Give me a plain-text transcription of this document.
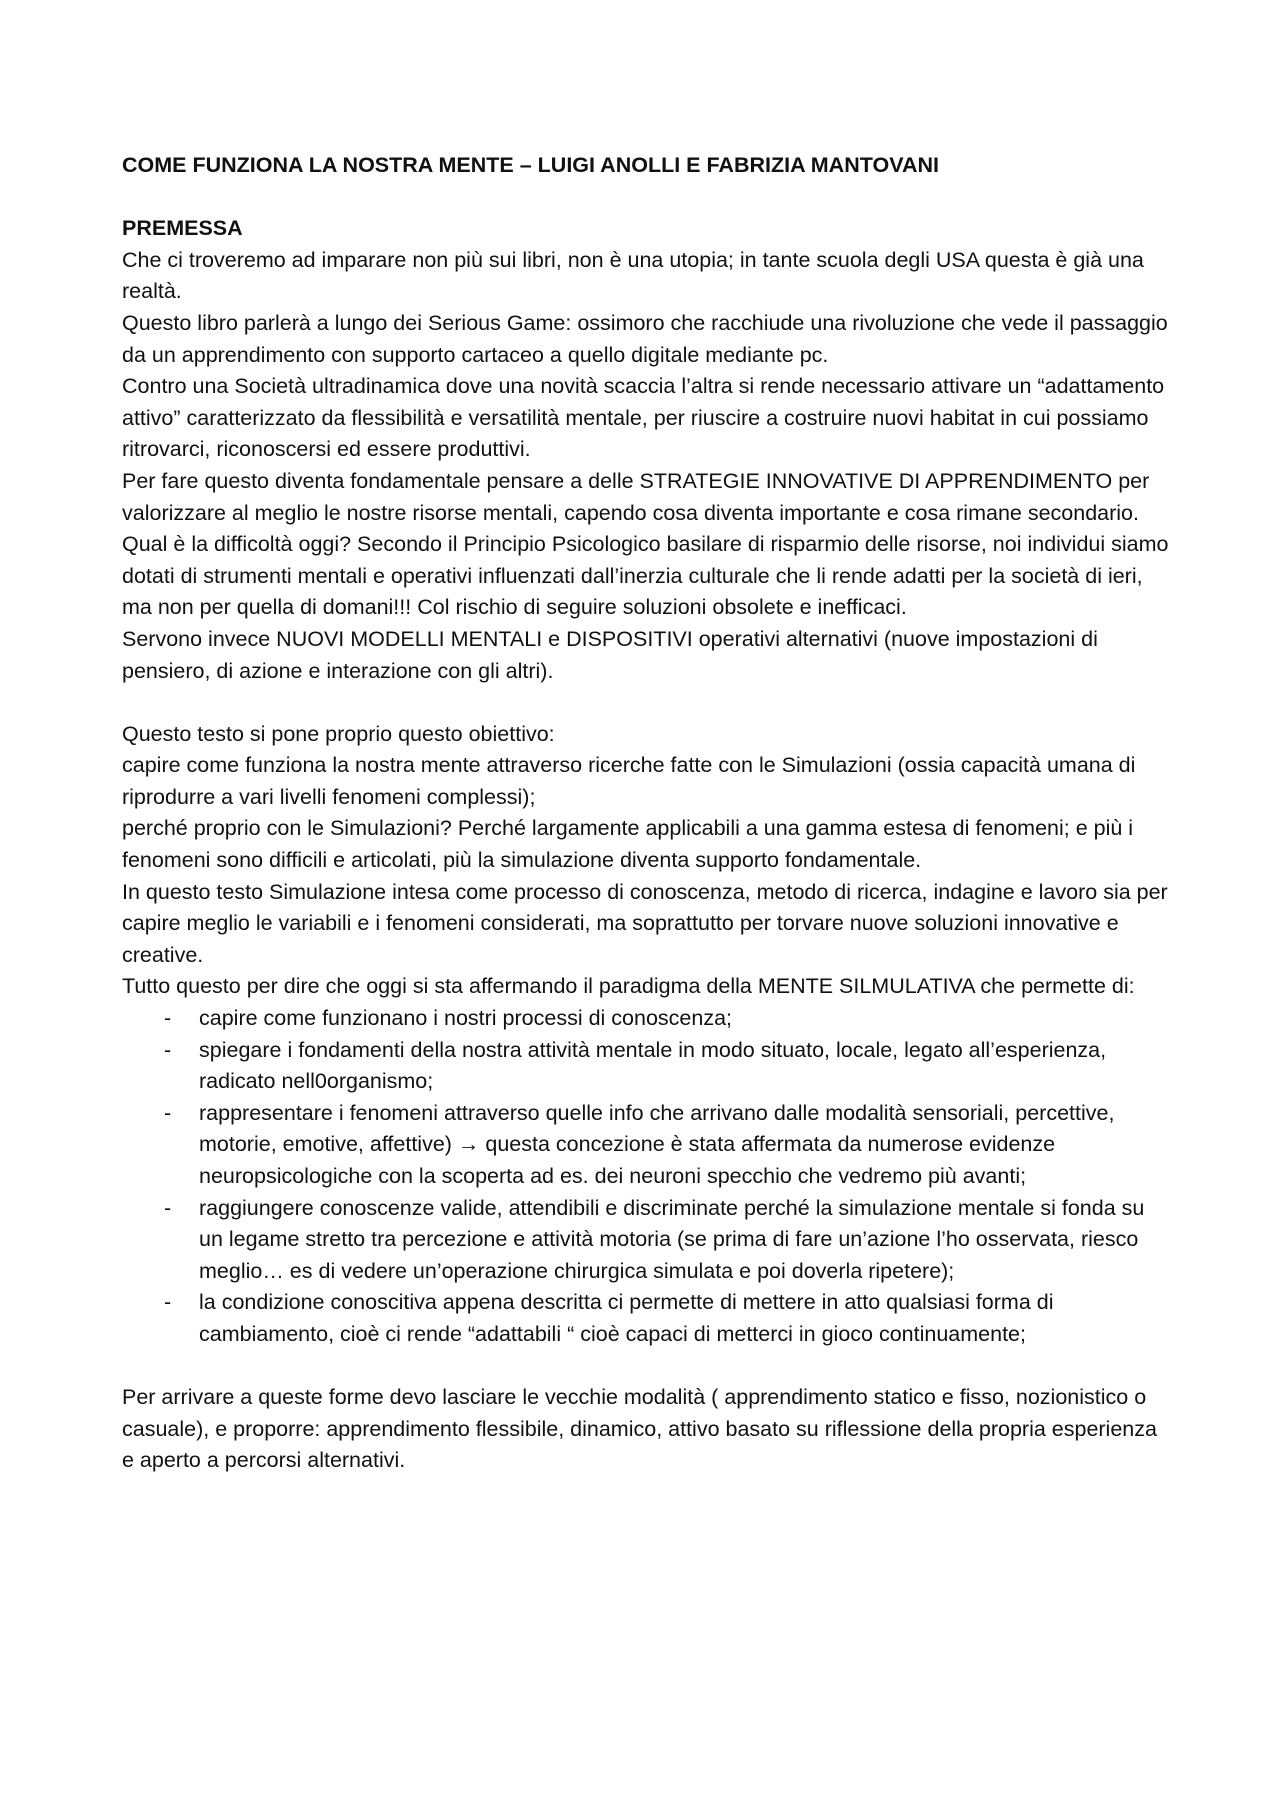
COME FUNZIONA LA NOSTRA MENTE – LUIGI ANOLLI E FABRIZIA MANTOVANI

PREMESSA

Che ci troveremo ad imparare non più sui libri, non è una utopia; in tante scuola degli USA questa è già una realtà.

Questo libro parlerà a lungo dei Serious Game: ossimoro che racchiude una rivoluzione che vede il passaggio da un apprendimento con supporto cartaceo a quello digitale mediante pc.

Contro una Società ultradinamica dove una novità scaccia l’altra si rende necessario attivare un “adattamento attivo” caratterizzato da flessibilità e versatilità mentale, per riuscire a costruire nuovi habitat in cui possiamo ritrovarci, riconoscersi ed essere produttivi.

Per fare questo diventa fondamentale pensare a delle STRATEGIE INNOVATIVE DI APPRENDIMENTO per valorizzare al meglio le nostre risorse mentali, capendo cosa diventa importante e cosa rimane secondario.

Qual è la difficoltà oggi? Secondo il Principio Psicologico basilare di risparmio delle risorse, noi individui siamo dotati di strumenti mentali e operativi influenzati dall’inerzia culturale che li rende adatti per la società di ieri, ma non per quella di domani!!! Col rischio di seguire soluzioni obsolete e inefficaci.

Servono invece NUOVI MODELLI MENTALI e DISPOSITIVI operativi alternativi (nuove impostazioni di pensiero, di azione e interazione con gli altri).

Questo testo si pone proprio questo obiettivo:

capire come funziona la nostra mente attraverso ricerche fatte con le Simulazioni (ossia capacità umana di riprodurre a vari livelli fenomeni complessi);

perché proprio con le Simulazioni? Perché largamente applicabili a una gamma estesa di fenomeni; e più i fenomeni sono difficili e articolati, più la simulazione diventa supporto fondamentale.

In questo testo Simulazione intesa come processo di conoscenza, metodo di ricerca, indagine e lavoro sia per capire meglio le variabili e i fenomeni considerati, ma soprattutto per torvare nuove soluzioni innovative e creative.

Tutto questo per dire che oggi si sta affermando il paradigma della MENTE SILMULATIVA che permette di:

- capire come funzionano i nostri processi di conoscenza;
- spiegare i fondamenti della nostra attività mentale in modo situato, locale, legato all’esperienza, radicato nell0organismo;
- rappresentare i fenomeni attraverso quelle info che arrivano dalle modalità sensoriali, percettive, motorie, emotive, affettive) → questa concezione è stata affermata da numerose evidenze neuropsicologiche con la scoperta ad es. dei neuroni specchio che vedremo più avanti;
- raggiungere conoscenze valide, attendibili e discriminate perché la simulazione mentale si fonda su un legame stretto tra percezione e attività motoria (se prima di fare un’azione l’ho osservata, riesco meglio… es di vedere un’operazione chirurgica simulata e poi doverla ripetere);
- la condizione conoscitiva appena descritta ci permette di mettere in atto qualsiasi forma di cambiamento, cioè ci rende “adattabili “ cioè capaci di metterci in gioco continuamente;

Per arrivare a queste forme devo lasciare le vecchie modalità ( apprendimento statico e fisso, nozionistico o casuale), e proporre: apprendimento flessibile, dinamico, attivo basato su riflessione della propria esperienza e aperto a percorsi alternativi.
